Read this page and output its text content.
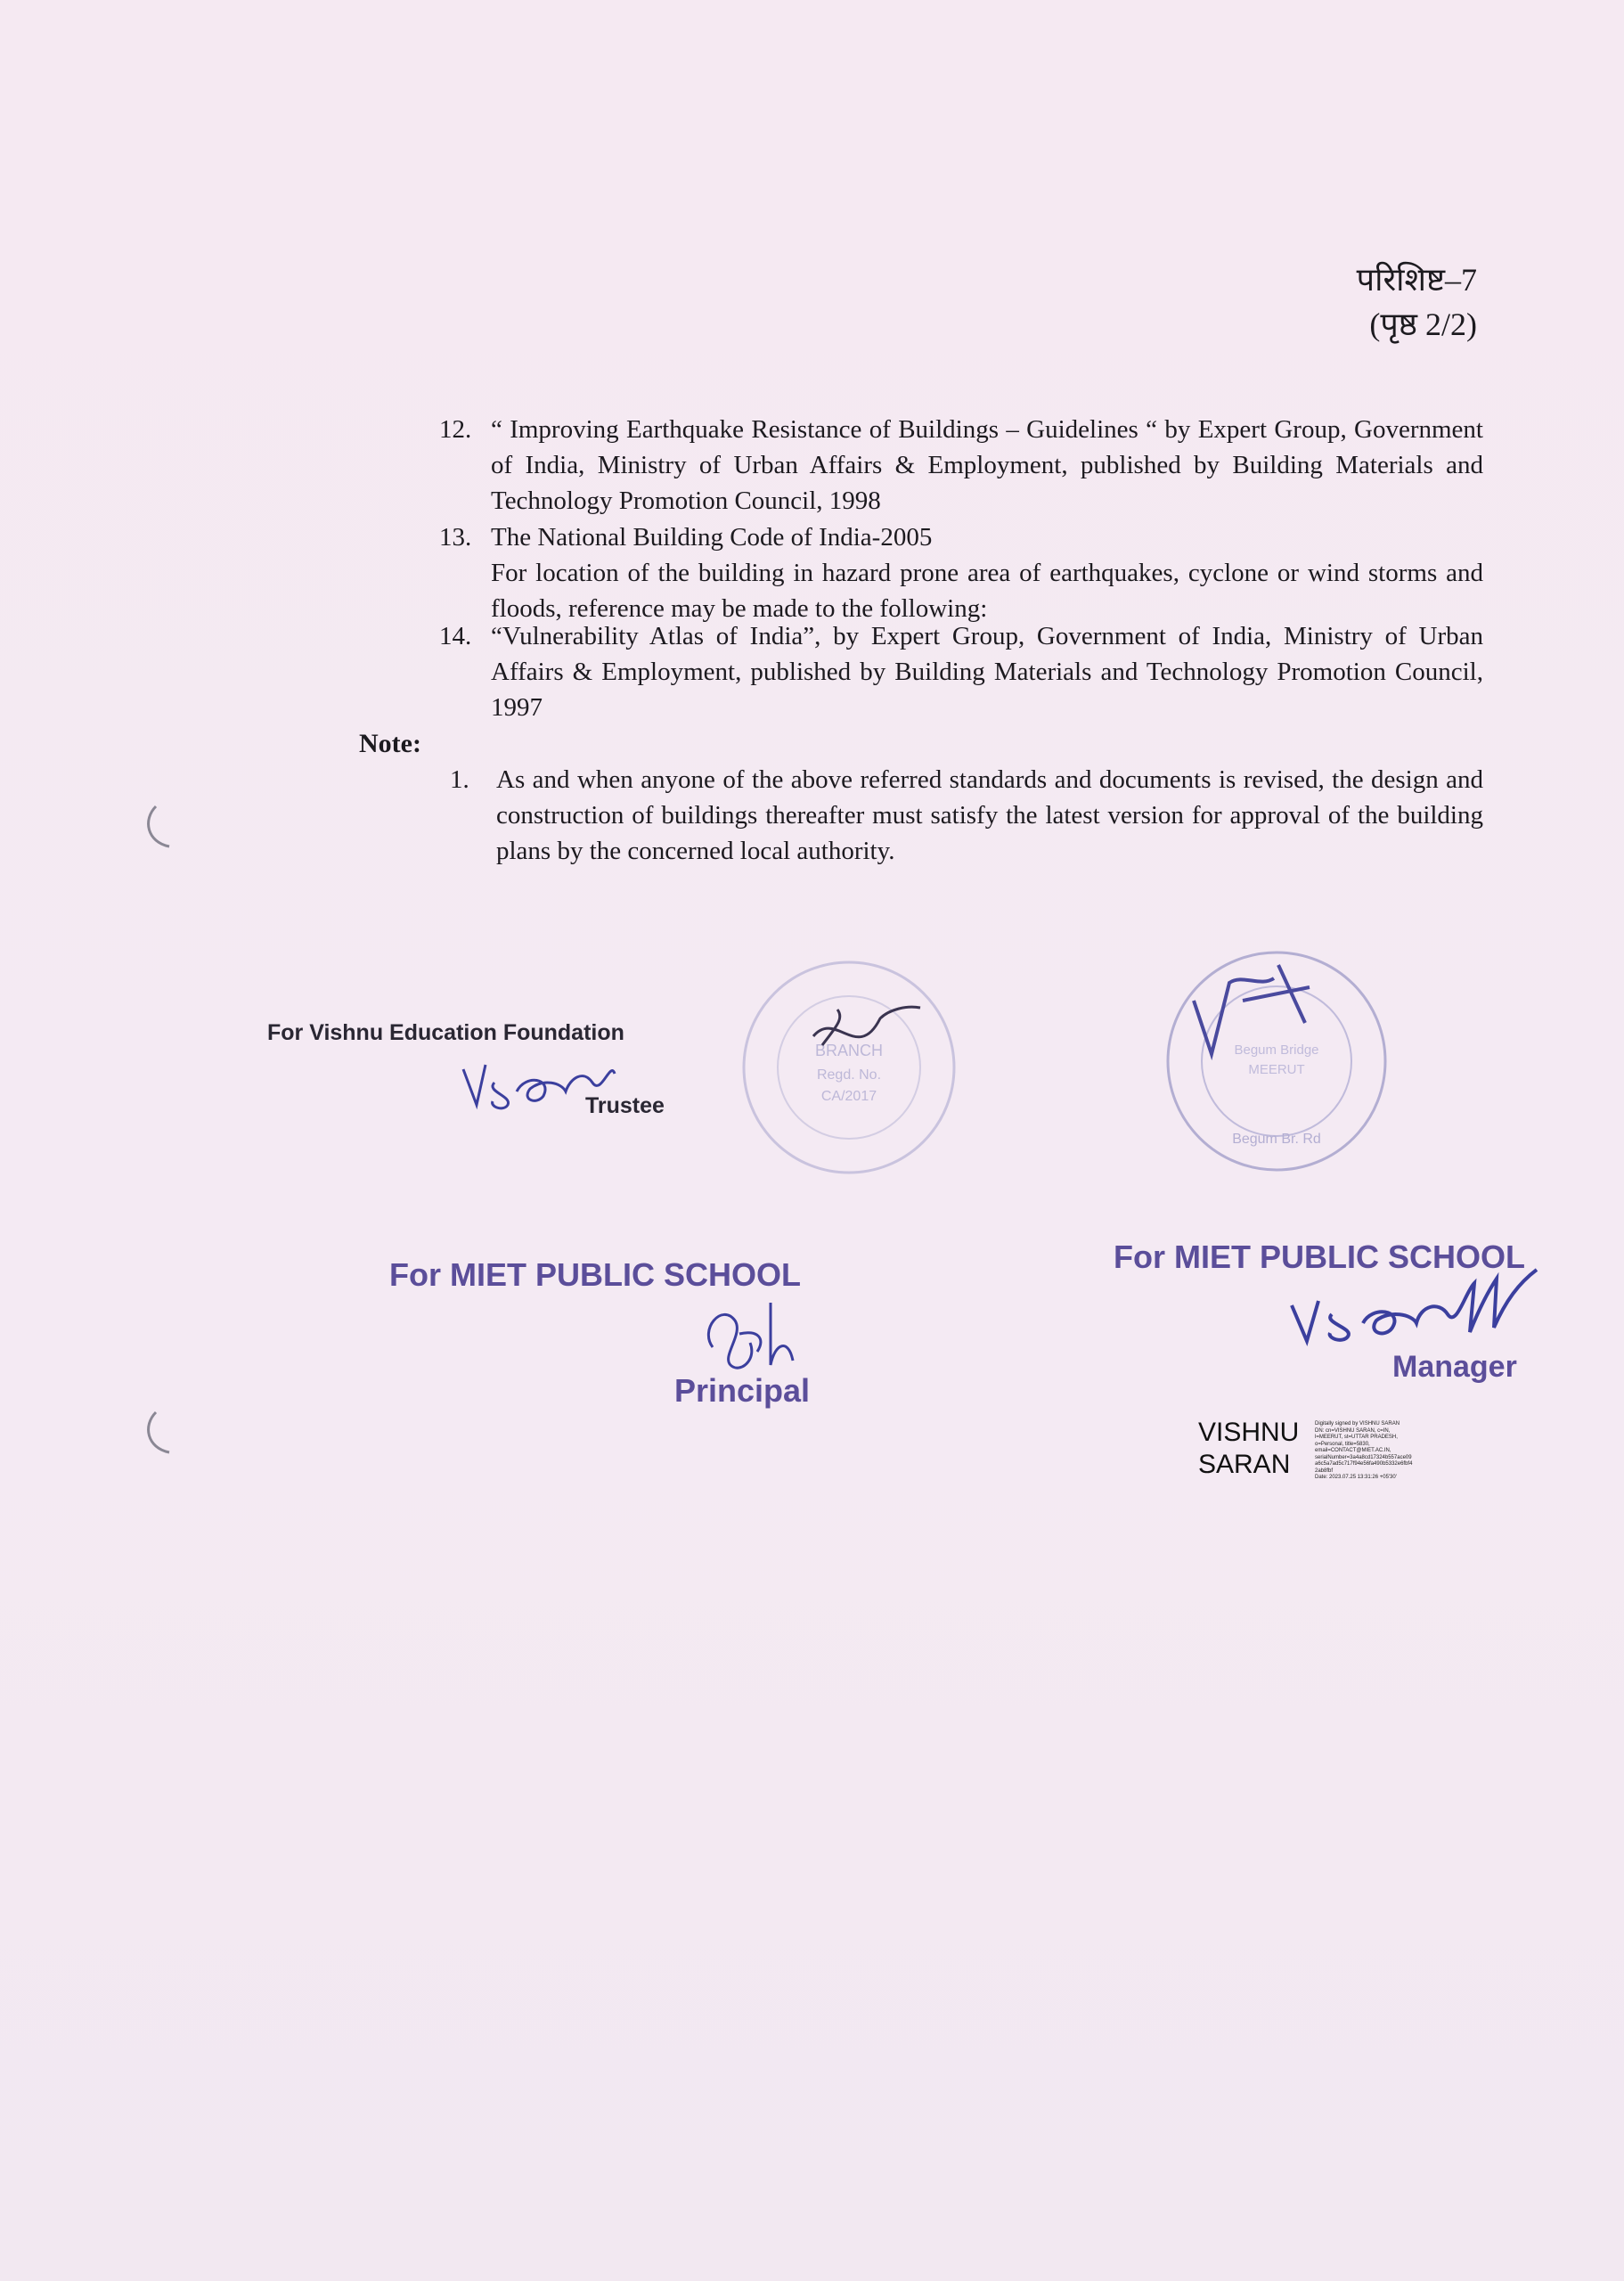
परिशिष्ट–7
(पृष्ठ 2/2)
12. “ Improving Earthquake Resistance of Buildings – Guidelines “ by Expert Group, Government of India, Ministry of Urban Affairs & Employment, published by Building Materials and Technology Promotion Council, 1998
13. The National Building Code of India-2005
For location of the building in hazard prone area of earthquakes, cyclone or wind storms and floods, reference may be made to the following:
14. “Vulnerability Atlas of India”, by Expert Group, Government of India, Ministry of Urban Affairs & Employment, published by Building Materials and Technology Promotion Council, 1997
Note:
1. As and when anyone of the above referred standards and documents is revised, the design and construction of buildings thereafter must satisfy the latest version for approval of the building plans by the concerned local authority.
BRANCH
Regd. No.
CA/2017
Begum Bridge
MEERUT
Begum Br. Rd
For Vishnu Education Foundation
Trustee
For MIET PUBLIC SCHOOL
Principal
For MIET PUBLIC SCHOOL
Manager
VISHNU
SARAN
Digitally signed by VISHNU SARAN
DN: cn=VISHNU SARAN, c=IN,
l=MEERUT, st=UTTAR PRADESH,
o=Personal, title=5830,
email=CONTACT@MIET.AC.IN,
serialNumber=3a4a8cd17324b557ace09
a6c5a7ad5c717f94e56fa490b5332e6fbf4
2ab8fbf
Date: 2023.07.25 13:31:26 +05'30'
